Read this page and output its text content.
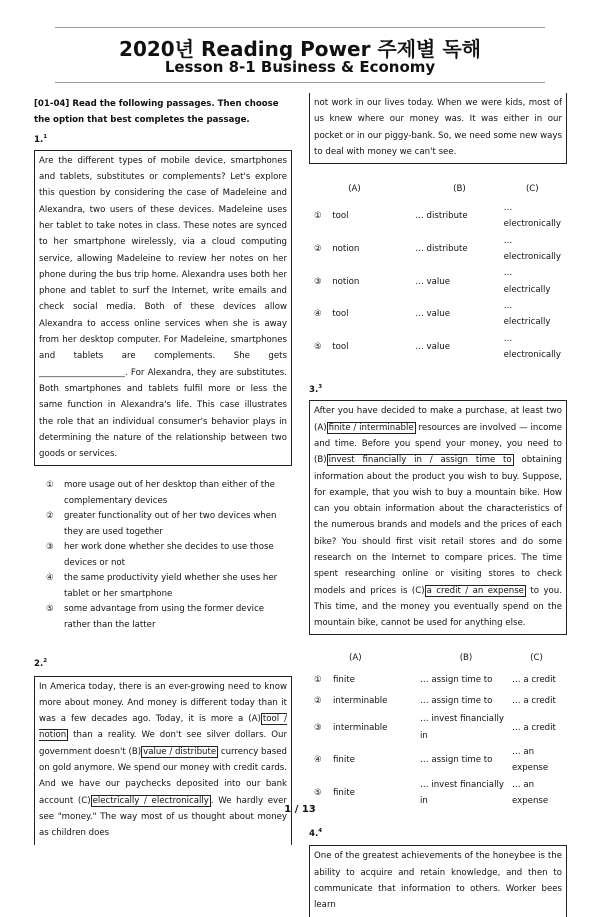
2020년 Reading Power 주제별 독해
Lesson 8-1 Business & Economy

[01-04] Read the following passages. Then choose the option that best completes the passage.

1.$^1$
Are the different types of mobile device, smartphones and tablets, substitutes or complements? Let's explore this question by considering the case of Madeleine and Alexandra, two users of these devices. Madeleine uses her tablet to take notes in class. These notes are synced to her smartphone wirelessly, via a cloud computing service, allowing Madeleine to review her notes on her phone during the bus trip home. Alexandra uses both her phone and tablet to surf the Internet, write emails and check social media. Both of these devices allow Alexandra to access online services when she is away from her desktop computer. For Madeleine, smartphones and tablets are complements. She gets ____________________. For Alexandra, they are substitutes. Both smartphones and tablets fulfil more or less the same function in Alexandra's life. This case illustrates the role that an individual consumer's behavior plays in determining the nature of the relationship between two goods or services.
①	more usage out of her desktop than either of the complementary devices
②	greater functionality out of her two devices when they are used together
③	her work done whether she decides to use those devices or not
④	the same productivity yield whether she uses her tablet or her smartphone
⑤	some advantage from using the former device rather than the latter
2.$^2$
In America today, there is an ever-growing need to know more about money. And money is different today than it was a few decades ago. Today, it is more a (A) tool / notion than a reality. We don't see silver dollars. Our government doesn't (B) value / distribute currency based on gold anymore. We spend our money with credit cards. And we have our paychecks deposited into our bank account (C) electrically / electronically . We hardly ever see "money." The way most of us thought about money as children does
not work in our lives today. When we were kids, most of us knew where our money was. It was either in our pocket or in our piggy-bank. So, we need some new ways to deal with money we can't see.
	(A)	(B)	(C)
①	tool	… distribute	… electronically
②	notion	… distribute	… electronically
③	notion	… value	… electrically
④	tool	… value	… electrically
⑤	tool	… value	… electronically
3.$^3$
After you have decided to make a purchase, at least two (A) finite / interminable resources are involved — income and time. Before you spend your money, you need to (B) invest financially in / assign time to obtaining information about the product you wish to buy. Suppose, for example, that you wish to buy a mountain bike. How can you obtain information about the characteristics of the numerous brands and models and the prices of each bike? You should first visit retail stores and do some research on the Internet to compare prices. The time spent researching online or visiting stores to check models and prices is (C) a credit / an expense to you. This time, and the money you eventually spend on the mountain bike, cannot be used for anything else.
	(A)	(B)	(C)
①	finite	… assign time to	… a credit
②	interminable	… assign time to	… a credit
③	interminable	… invest financially in	… a credit
④	finite	… assign time to	… an expense
⑤	finite	… invest financially in	… an expense
4.$^4$
One of the greatest achievements of the honeybee is the ability to acquire and retain knowledge, and then to communicate that information to others. Worker bees learn
1 / 13
